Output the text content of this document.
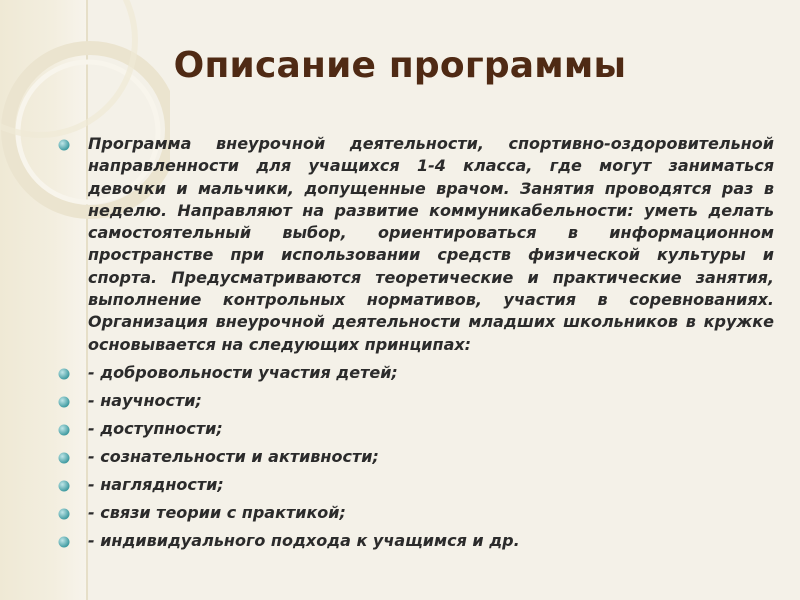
Описание программы
Программа внеурочной деятельности, спортивно-оздоровительной направленности для учащихся 1-4 класса, где могут заниматься девочки и мальчики, допущенные врачом. Занятия проводятся раз в неделю. Направляют на развитие коммуникабельности: уметь делать самостоятельный выбор, ориентироваться в информационном пространстве при использовании средств физической культуры и спорта. Предусматриваются теоретические и практические занятия, выполнение контрольных нормативов, участия в соревнованиях. Организация внеурочной деятельности младших школьников в кружке основывается на следующих принципах:
- добровольности участия детей;
- научности;
- доступности;
- сознательности и активности;
- наглядности;
- связи теории с практикой;
- индивидуального подхода к учащимся и др.
